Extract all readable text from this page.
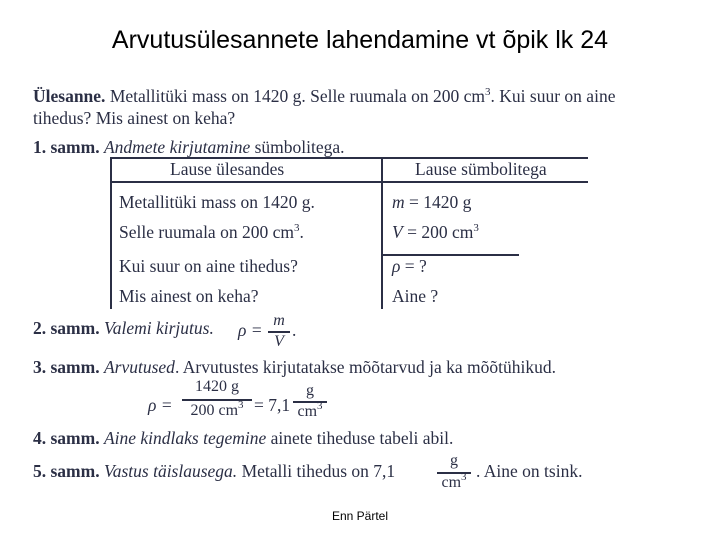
Arvutusülesannete lahendamine vt õpik lk 24
Ülesanne. Metallitüki mass on 1420 g. Selle ruumala on 200 $cm^3$. Kui suur on aine
tihedus? Mis ainest on keha?
1. samm. Andmete kirjutamine sümbolitega.
Lause ülesandes	Lause sümbolitega
Metallitüki mass on 1420 g.	m = 1420 g
Selle ruumala on 200 $cm^3$.	V = 200 $cm^3$
Kui suur on aine tihedus?	ρ = ?
Mis ainest on keha?	Aine ?
2. samm. Valemi kirjutus. ρ = m
V
.
3. samm. Arvutused. Arvutustes kirjutatakse mõõtarvud ja ka mõõtühikud.
ρ =
1420 g
200 $cm^3 = 7,1$
g
$cm^3$
4. samm. Aine kindlaks tegemine ainete tiheduse tabeli abil.
5. samm. Vastus täislausega. Metalli tihedus on 7,1
g
$cm^3$ . Aine on tsink.
Enn Pärtel
